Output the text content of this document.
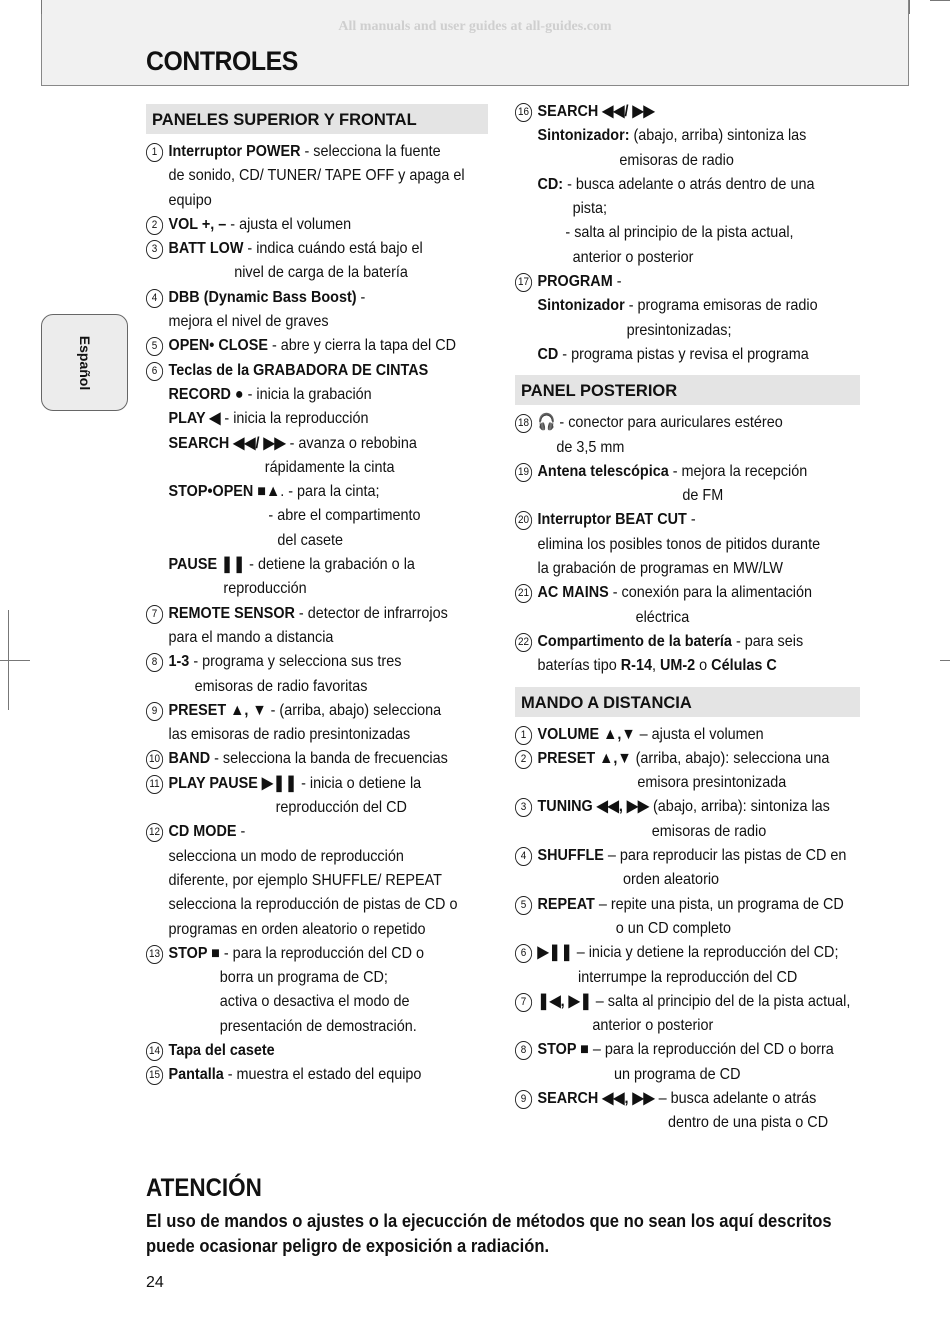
All manuals and user guides at all-guides.com
CONTROLES
Español
PANELES SUPERIOR Y FRONTAL
1 Interruptor POWER - selecciona la fuente
de sonido, CD/ TUNER/ TAPE OFF y apaga el
equipo
2 VOL +, – - ajusta el volumen
3 BATT LOW - indica cuándo está bajo el
nivel de carga de la batería
4 DBB (Dynamic Bass Boost) -
mejora el nivel de graves
5 OPEN• CLOSE - abre y cierra la tapa del CD
6 Teclas de la GRABADORA DE CINTAS
RECORD ● - inicia la grabación
PLAY ◀ - inicia la reproducción
SEARCH ◀◀/ ▶▶ - avanza o rebobina
rápidamente la cinta
STOP•OPEN ■▲. - para la cinta;
- abre el compartimento
del casete
PAUSE ❚❚ - detiene la grabación o la
reproducción
7 REMOTE SENSOR - detector de infrarrojos
para el mando a distancia
8 1-3 - programa y selecciona sus tres
emisoras de radio favoritas
9 PRESET ▲, ▼ - (arriba, abajo) selecciona
las emisoras de radio presintonizadas
10 BAND - selecciona la banda de frecuencias
11 PLAY PAUSE ▶❚❚ - inicia o detiene la
reproducción del CD
12 CD MODE -
selecciona un modo de reproducción
diferente, por ejemplo SHUFFLE/ REPEAT
selecciona la reproducción de pistas de CD o
programas en orden aleatorio o repetido
13 STOP ■ - para la reproducción del CD o
borra un programa de CD;
activa o desactiva el modo de
presentación de demostración.
14 Tapa del casete
15 Pantalla - muestra el estado del equipo
16 SEARCH ◀◀/ ▶▶
Sintonizador: (abajo, arriba) sintoniza las
emisoras de radio
CD: - busca adelante o atrás dentro de una
pista;
- salta al principio de la pista actual,
anterior o posterior
17 PROGRAM -
Sintonizador - programa emisoras de radio
presintonizadas;
CD - programa pistas y revisa el programa
PANEL POSTERIOR
18 🎧 - conector para auriculares estéreo
de 3,5 mm
19 Antena telescópica - mejora la recepción
de FM
20 Interruptor BEAT CUT -
elimina los posibles tonos de pitidos durante
la grabación de programas en MW/LW
21 AC MAINS - conexión para la alimentación
eléctrica
22 Compartimento de la batería - para seis
baterías tipo R-14, UM-2 o Células C
MANDO A DISTANCIA
1 VOLUME ▲,▼ – ajusta el volumen
2 PRESET ▲,▼ (arriba, abajo): selecciona una
emisora presintonizada
3 TUNING ◀◀, ▶▶ (abajo, arriba): sintoniza las
emisoras de radio
4 SHUFFLE – para reproducir las pistas de CD en
orden aleatorio
5 REPEAT – repite una pista, un programa de CD
o un CD completo
6 ▶❚❚ – inicia y detiene la reproducción del CD;
interrumpe la reproducción del CD
7 ❚◀, ▶❚ – salta al principio del de la pista actual,
anterior o posterior
8 STOP ■ – para la reproducción del CD o borra
un programa de CD
9 SEARCH ◀◀, ▶▶ – busca adelante o atrás
dentro de una pista o CD
ATENCIÓN
El uso de mandos o ajustes o la ejecucción de métodos que no sean los aquí descritos puede ocasionar peligro de exposición a radiación.
24
